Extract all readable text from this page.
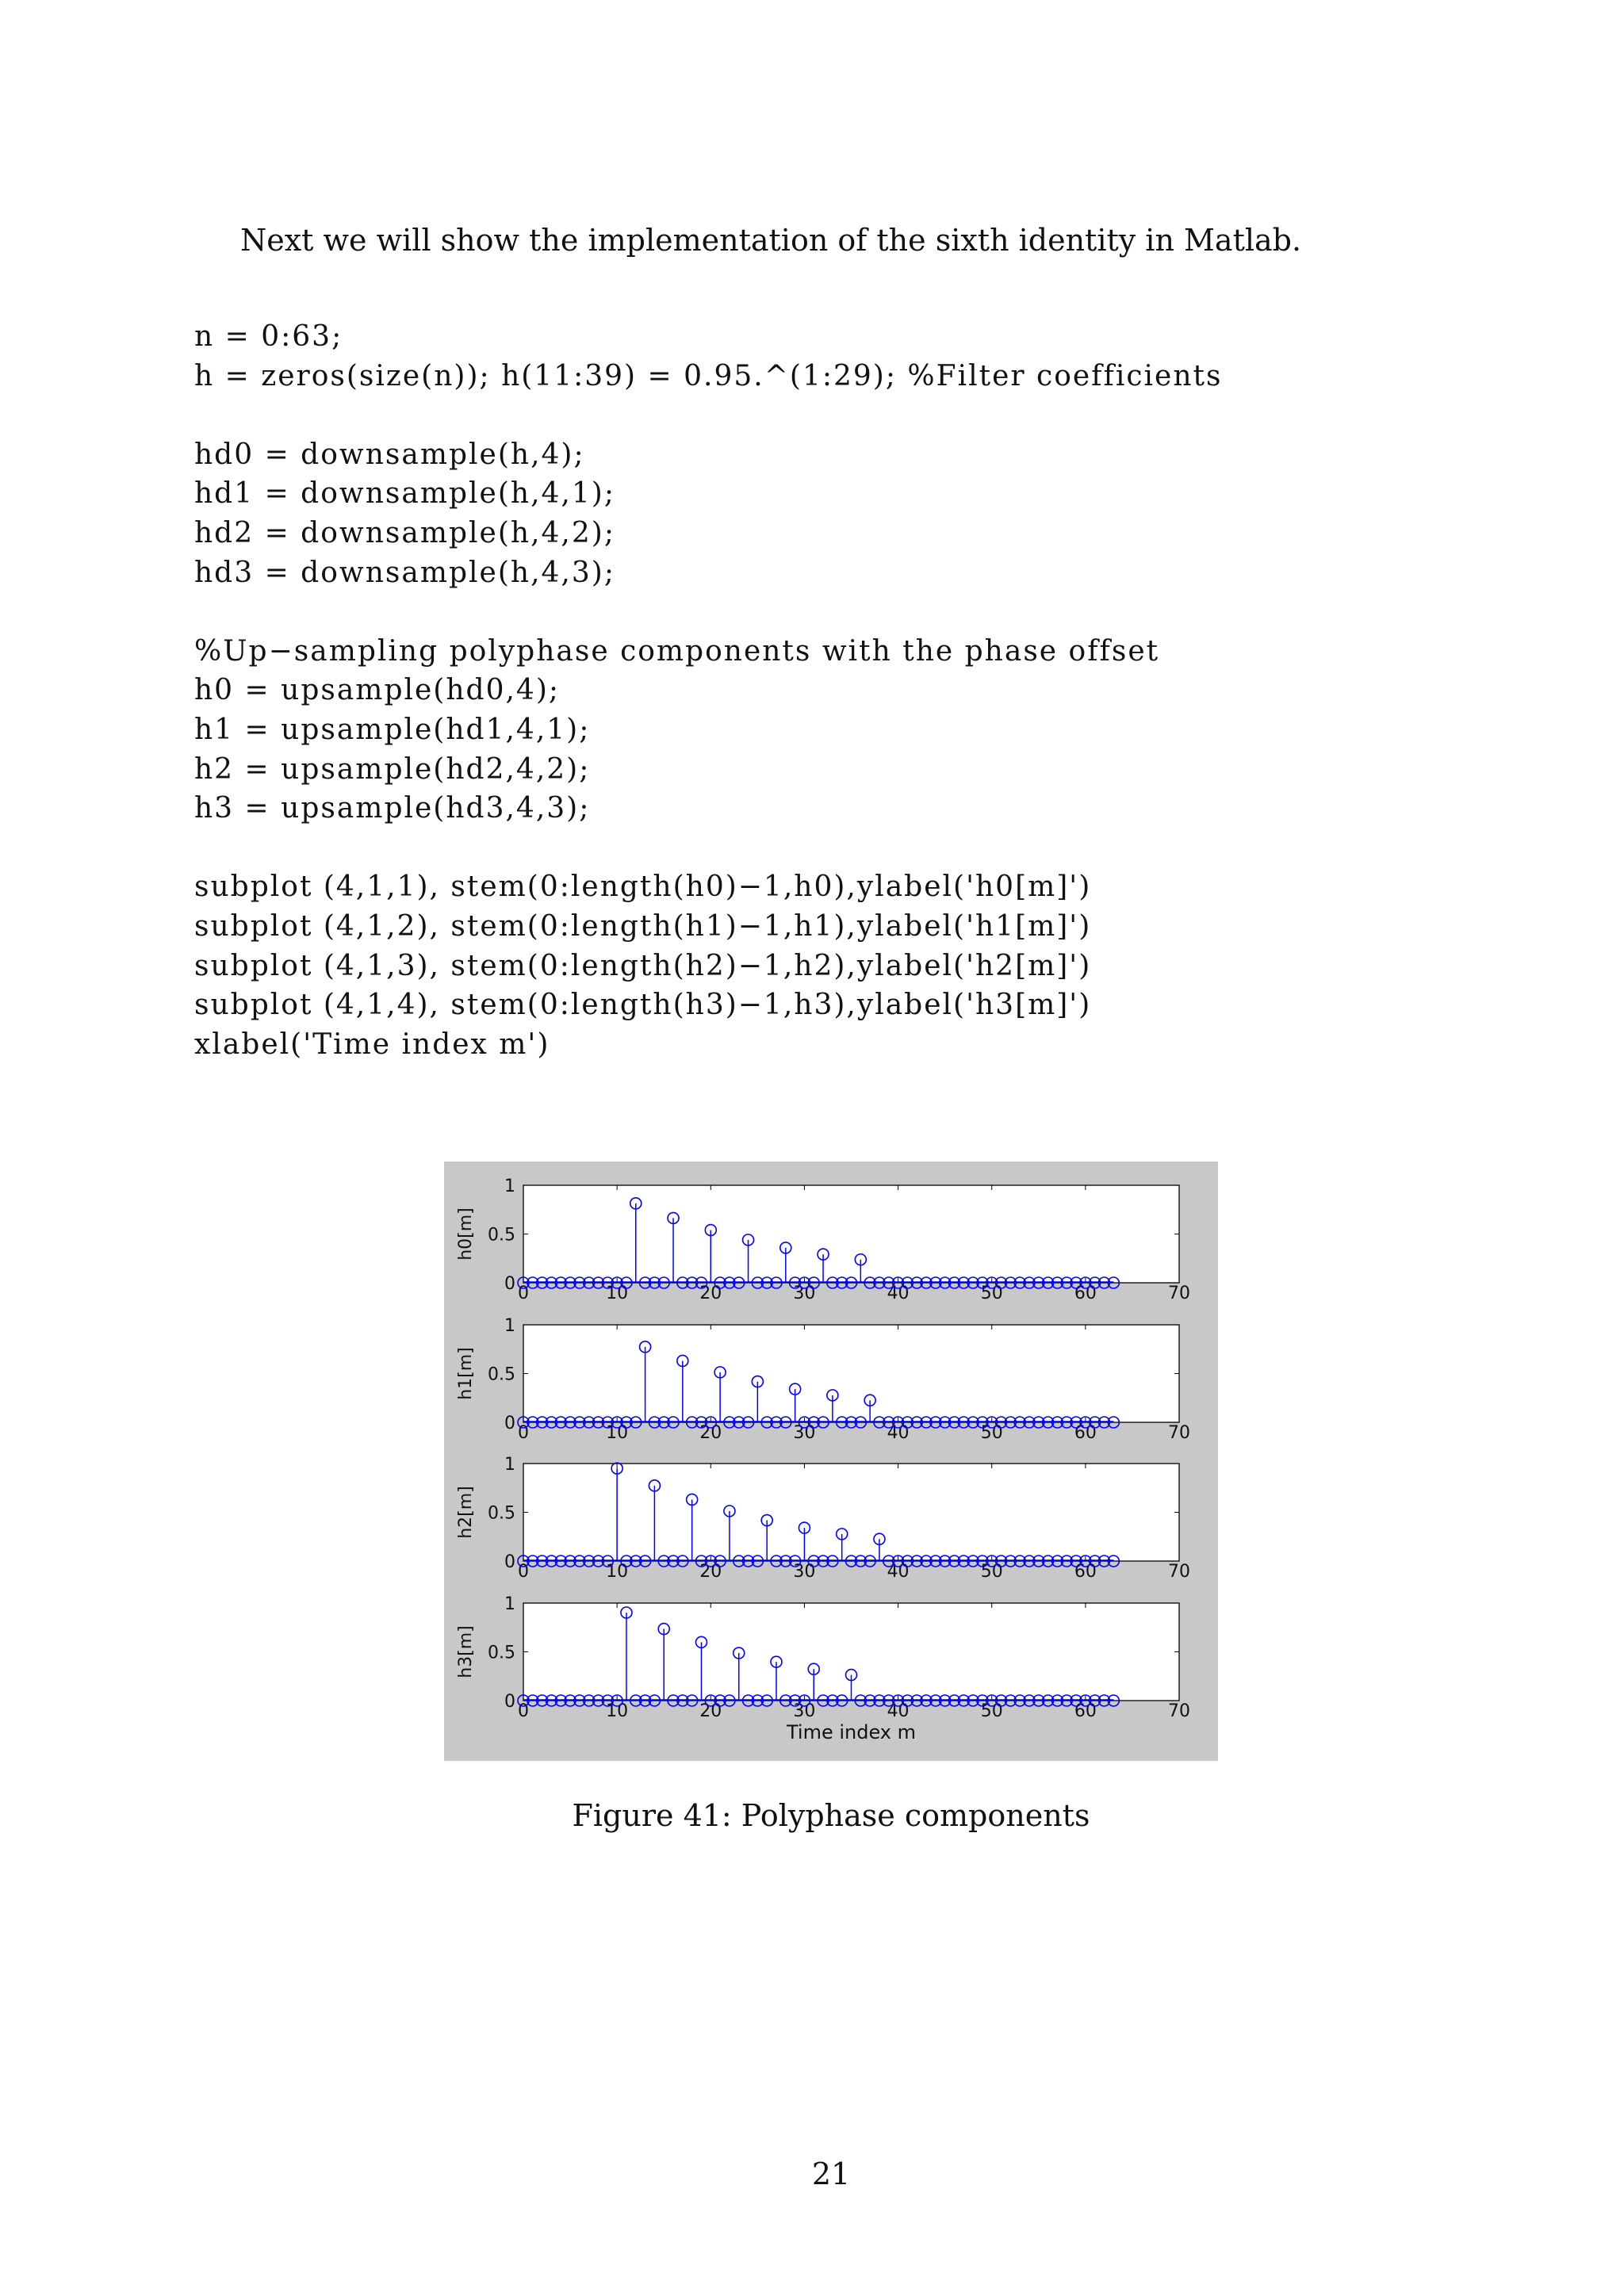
Next we will show the implementation of the sixth identity in Matlab.
n = 0:63;
h = zeros(size(n)); h(11:39) = 0.95.^(1:29); %Filter coefficients
hd0 = downsample(h,4);
hd1 = downsample(h,4,1);
hd2 = downsample(h,4,2);
hd3 = downsample(h,4,3);
%Up−sampling polyphase components with the phase offset
h0 = upsample(hd0,4);
h1 = upsample(hd1,4,1);
h2 = upsample(hd2,4,2);
h3 = upsample(hd3,4,3);
subplot (4,1,1), stem(0:length(h0)−1,h0),ylabel('h0[m]')
subplot (4,1,2), stem(0:length(h1)−1,h1),ylabel('h1[m]')
subplot (4,1,3), stem(0:length(h2)−1,h2),ylabel('h2[m]')
subplot (4,1,4), stem(0:length(h3)−1,h3),ylabel('h3[m]')
xlabel('Time index m')
0	10	20	30	40	50	60	70
0
0.5
1
h0[m]
0	10	20	30	40	50	60	70
0
0.5
1
h1[m]
0	10	20	30	40	50	60	70
0
0.5
1
h2[m]
0	10	20	30	40	50	60	70
0
0.5
1
h3[m]
Time index m
Figure 41: Polyphase components
21
